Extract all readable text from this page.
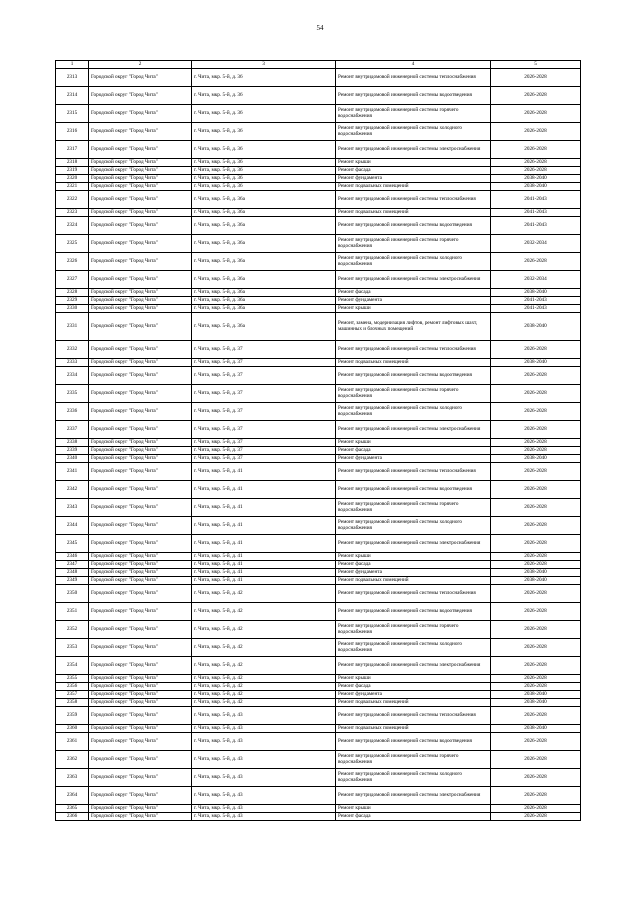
54
1	2	3	4	5
2313	Городской округ "Город Чита"	г. Чита, мкр. 5-й, д. 36	Ремонт внутридомовой инженерной системы теплоснабжения	2026-2028
2314	Городской округ "Город Чита"	г. Чита, мкр. 5-й, д. 36	Ремонт внутридомовой инженерной системы водоотведения	2026-2028
2315	Городской округ "Город Чита"	г. Чита, мкр. 5-й, д. 36	Ремонт внутридомовой инженерной системы горячего водоснабжения	2026-2028
2316	Городской округ "Город Чита"	г. Чита, мкр. 5-й, д. 36	Ремонт внутридомовой инженерной системы холодного водоснабжения	2026-2028
2317	Городской округ "Город Чита"	г. Чита, мкр. 5-й, д. 36	Ремонт внутридомовой инженерной системы электроснабжения	2026-2028
2318	Городской округ "Город Чита"	г. Чита, мкр. 5-й, д. 36	Ремонт крыши	2026-2028
2319	Городской округ "Город Чита"	г. Чита, мкр. 5-й, д. 36	Ремонт фасада	2026-2028
2320	Городской округ "Город Чита"	г. Чита, мкр. 5-й, д. 36	Ремонт фундамента	2038-2040
2321	Городской округ "Город Чита"	г. Чита, мкр. 5-й, д. 36	Ремонт подвальных помещений	2038-2040
2322	Городской округ "Город Чита"	г. Чита, мкр. 5-й, д. 36а	Ремонт внутридомовой инженерной системы теплоснабжения	2041-2043
2323	Городской округ "Город Чита"	г. Чита, мкр. 5-й, д. 36а	Ремонт подвальных помещений	2041-2043
2324	Городской округ "Город Чита"	г. Чита, мкр. 5-й, д. 36а	Ремонт внутридомовой инженерной системы водоотведения	2041-2043
2325	Городской округ "Город Чита"	г. Чита, мкр. 5-й, д. 36а	Ремонт внутридомовой инженерной системы горячего водоснабжения	2032-2034
2326	Городской округ "Город Чита"	г. Чита, мкр. 5-й, д. 36а	Ремонт внутридомовой инженерной системы холодного водоснабжения	2026-2028
2327	Городской округ "Город Чита"	г. Чита, мкр. 5-й, д. 36а	Ремонт внутридомовой инженерной системы электроснабжения	2032-2034
2328	Городской округ "Город Чита"	г. Чита, мкр. 5-й, д. 36а	Ремонт фасада	2038-2040
2329	Городской округ "Город Чита"	г. Чита, мкр. 5-й, д. 36а	Ремонт фундамента	2041-2043
2330	Городской округ "Город Чита"	г. Чита, мкр. 5-й, д. 36а	Ремонт крыши	2041-2043
2331	Городской округ "Город Чита"	г. Чита, мкр. 5-й, д. 36а	Ремонт, замена, модернизация лифтов, ремонт лифтовых шахт, машинных и блочных помещений	2038-2040
2332	Городской округ "Город Чита"	г. Чита, мкр. 5-й, д. 37	Ремонт внутридомовой инженерной системы теплоснабжения	2026-2028
2333	Городской округ "Город Чита"	г. Чита, мкр. 5-й, д. 37	Ремонт подвальных помещений	2038-2040
2334	Городской округ "Город Чита"	г. Чита, мкр. 5-й, д. 37	Ремонт внутридомовой инженерной системы водоотведения	2026-2028
2335	Городской округ "Город Чита"	г. Чита, мкр. 5-й, д. 37	Ремонт внутридомовой инженерной системы горячего водоснабжения	2026-2028
2336	Городской округ "Город Чита"	г. Чита, мкр. 5-й, д. 37	Ремонт внутридомовой инженерной системы холодного водоснабжения	2026-2028
2337	Городской округ "Город Чита"	г. Чита, мкр. 5-й, д. 37	Ремонт внутридомовой инженерной системы электроснабжения	2026-2028
2338	Городской округ "Город Чита"	г. Чита, мкр. 5-й, д. 37	Ремонт крыши	2026-2028
2339	Городской округ "Город Чита"	г. Чита, мкр. 5-й, д. 37	Ремонт фасада	2026-2028
2340	Городской округ "Город Чита"	г. Чита, мкр. 5-й, д. 37	Ремонт фундамента	2038-2040
2341	Городской округ "Город Чита"	г. Чита, мкр. 5-й, д. 41	Ремонт внутридомовой инженерной системы теплоснабжения	2026-2028
2342	Городской округ "Город Чита"	г. Чита, мкр. 5-й, д. 41	Ремонт внутридомовой инженерной системы водоотведения	2026-2028
2343	Городской округ "Город Чита"	г. Чита, мкр. 5-й, д. 41	Ремонт внутридомовой инженерной системы горячего водоснабжения	2026-2028
2344	Городской округ "Город Чита"	г. Чита, мкр. 5-й, д. 41	Ремонт внутридомовой инженерной системы холодного водоснабжения	2026-2028
2345	Городской округ "Город Чита"	г. Чита, мкр. 5-й, д. 41	Ремонт внутридомовой инженерной системы электроснабжения	2026-2028
2346	Городской округ "Город Чита"	г. Чита, мкр. 5-й, д. 41	Ремонт крыши	2026-2028
2347	Городской округ "Город Чита"	г. Чита, мкр. 5-й, д. 41	Ремонт фасада	2026-2028
2348	Городской округ "Город Чита"	г. Чита, мкр. 5-й, д. 41	Ремонт фундамента	2038-2040
2349	Городской округ "Город Чита"	г. Чита, мкр. 5-й, д. 41	Ремонт подвальных помещений	2038-2040
2350	Городской округ "Город Чита"	г. Чита, мкр. 5-й, д. 42	Ремонт внутридомовой инженерной системы теплоснабжения	2026-2028
2351	Городской округ "Город Чита"	г. Чита, мкр. 5-й, д. 42	Ремонт внутридомовой инженерной системы водоотведения	2026-2028
2352	Городской округ "Город Чита"	г. Чита, мкр. 5-й, д. 42	Ремонт внутридомовой инженерной системы горячего водоснабжения	2026-2028
2353	Городской округ "Город Чита"	г. Чита, мкр. 5-й, д. 42	Ремонт внутридомовой инженерной системы холодного водоснабжения	2026-2028
2354	Городской округ "Город Чита"	г. Чита, мкр. 5-й, д. 42	Ремонт внутридомовой инженерной системы электроснабжения	2026-2028
2355	Городской округ "Город Чита"	г. Чита, мкр. 5-й, д. 42	Ремонт крыши	2026-2028
2356	Городской округ "Город Чита"	г. Чита, мкр. 5-й, д. 42	Ремонт фасада	2026-2028
2357	Городской округ "Город Чита"	г. Чита, мкр. 5-й, д. 42	Ремонт фундамента	2038-2040
2358	Городской округ "Город Чита"	г. Чита, мкр. 5-й, д. 42	Ремонт подвальных помещений	2038-2040
2359	Городской округ "Город Чита"	г. Чита, мкр. 5-й, д. 43	Ремонт внутридомовой инженерной системы теплоснабжения	2026-2028
2360	Городской округ "Город Чита"	г. Чита, мкр. 5-й, д. 43	Ремонт подвальных помещений	2038-2040
2361	Городской округ "Город Чита"	г. Чита, мкр. 5-й, д. 43	Ремонт внутридомовой инженерной системы водоотведения	2026-2028
2362	Городской округ "Город Чита"	г. Чита, мкр. 5-й, д. 43	Ремонт внутридомовой инженерной системы горячего водоснабжения	2026-2028
2363	Городской округ "Город Чита"	г. Чита, мкр. 5-й, д. 43	Ремонт внутридомовой инженерной системы холодного водоснабжения	2026-2028
2364	Городской округ "Город Чита"	г. Чита, мкр. 5-й, д. 43	Ремонт внутридомовой инженерной системы электроснабжения	2026-2028
2365	Городской округ "Город Чита"	г. Чита, мкр. 5-й, д. 43	Ремонт крыши	2026-2028
2366	Городской округ "Город Чита"	г. Чита, мкр. 5-й, д. 43	Ремонт фасада	2026-2028
